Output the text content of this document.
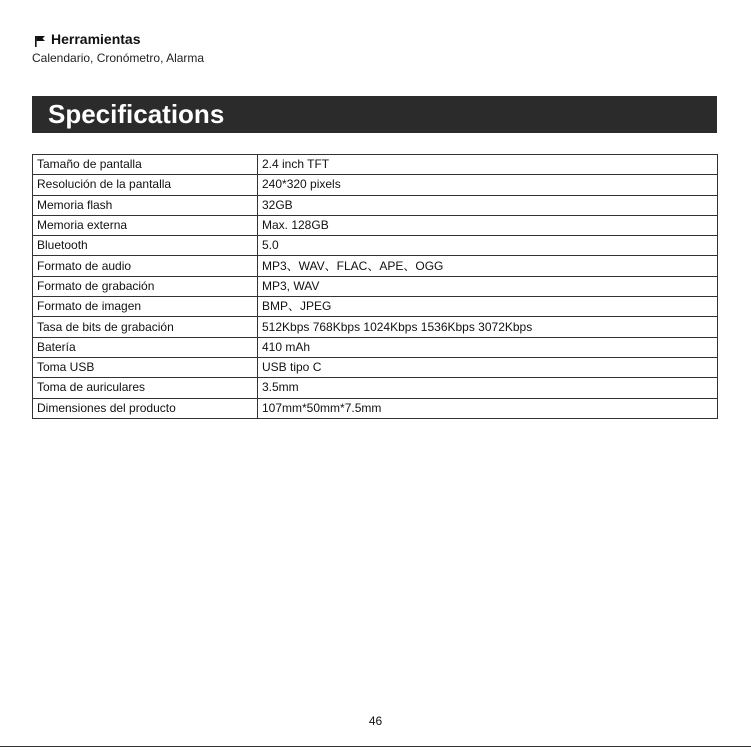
Herramientas
Calendario, Cronómetro, Alarma
Specifications
Tamaño de pantalla	2.4 inch TFT
Resolución de la pantalla	240*320 pixels
Memoria flash	32GB
Memoria externa	Max. 128GB
Bluetooth	5.0
Formato de audio	MP3、WAV、FLAC、APE、OGG
Formato de grabación	MP3, WAV
Formato de imagen	BMP、JPEG
Tasa de bits de grabación	512Kbps 768Kbps 1024Kbps 1536Kbps 3072Kbps
Batería	410 mAh
Toma USB	USB tipo C
Toma de auriculares	3.5mm
Dimensiones del producto	107mm*50mm*7.5mm
46
